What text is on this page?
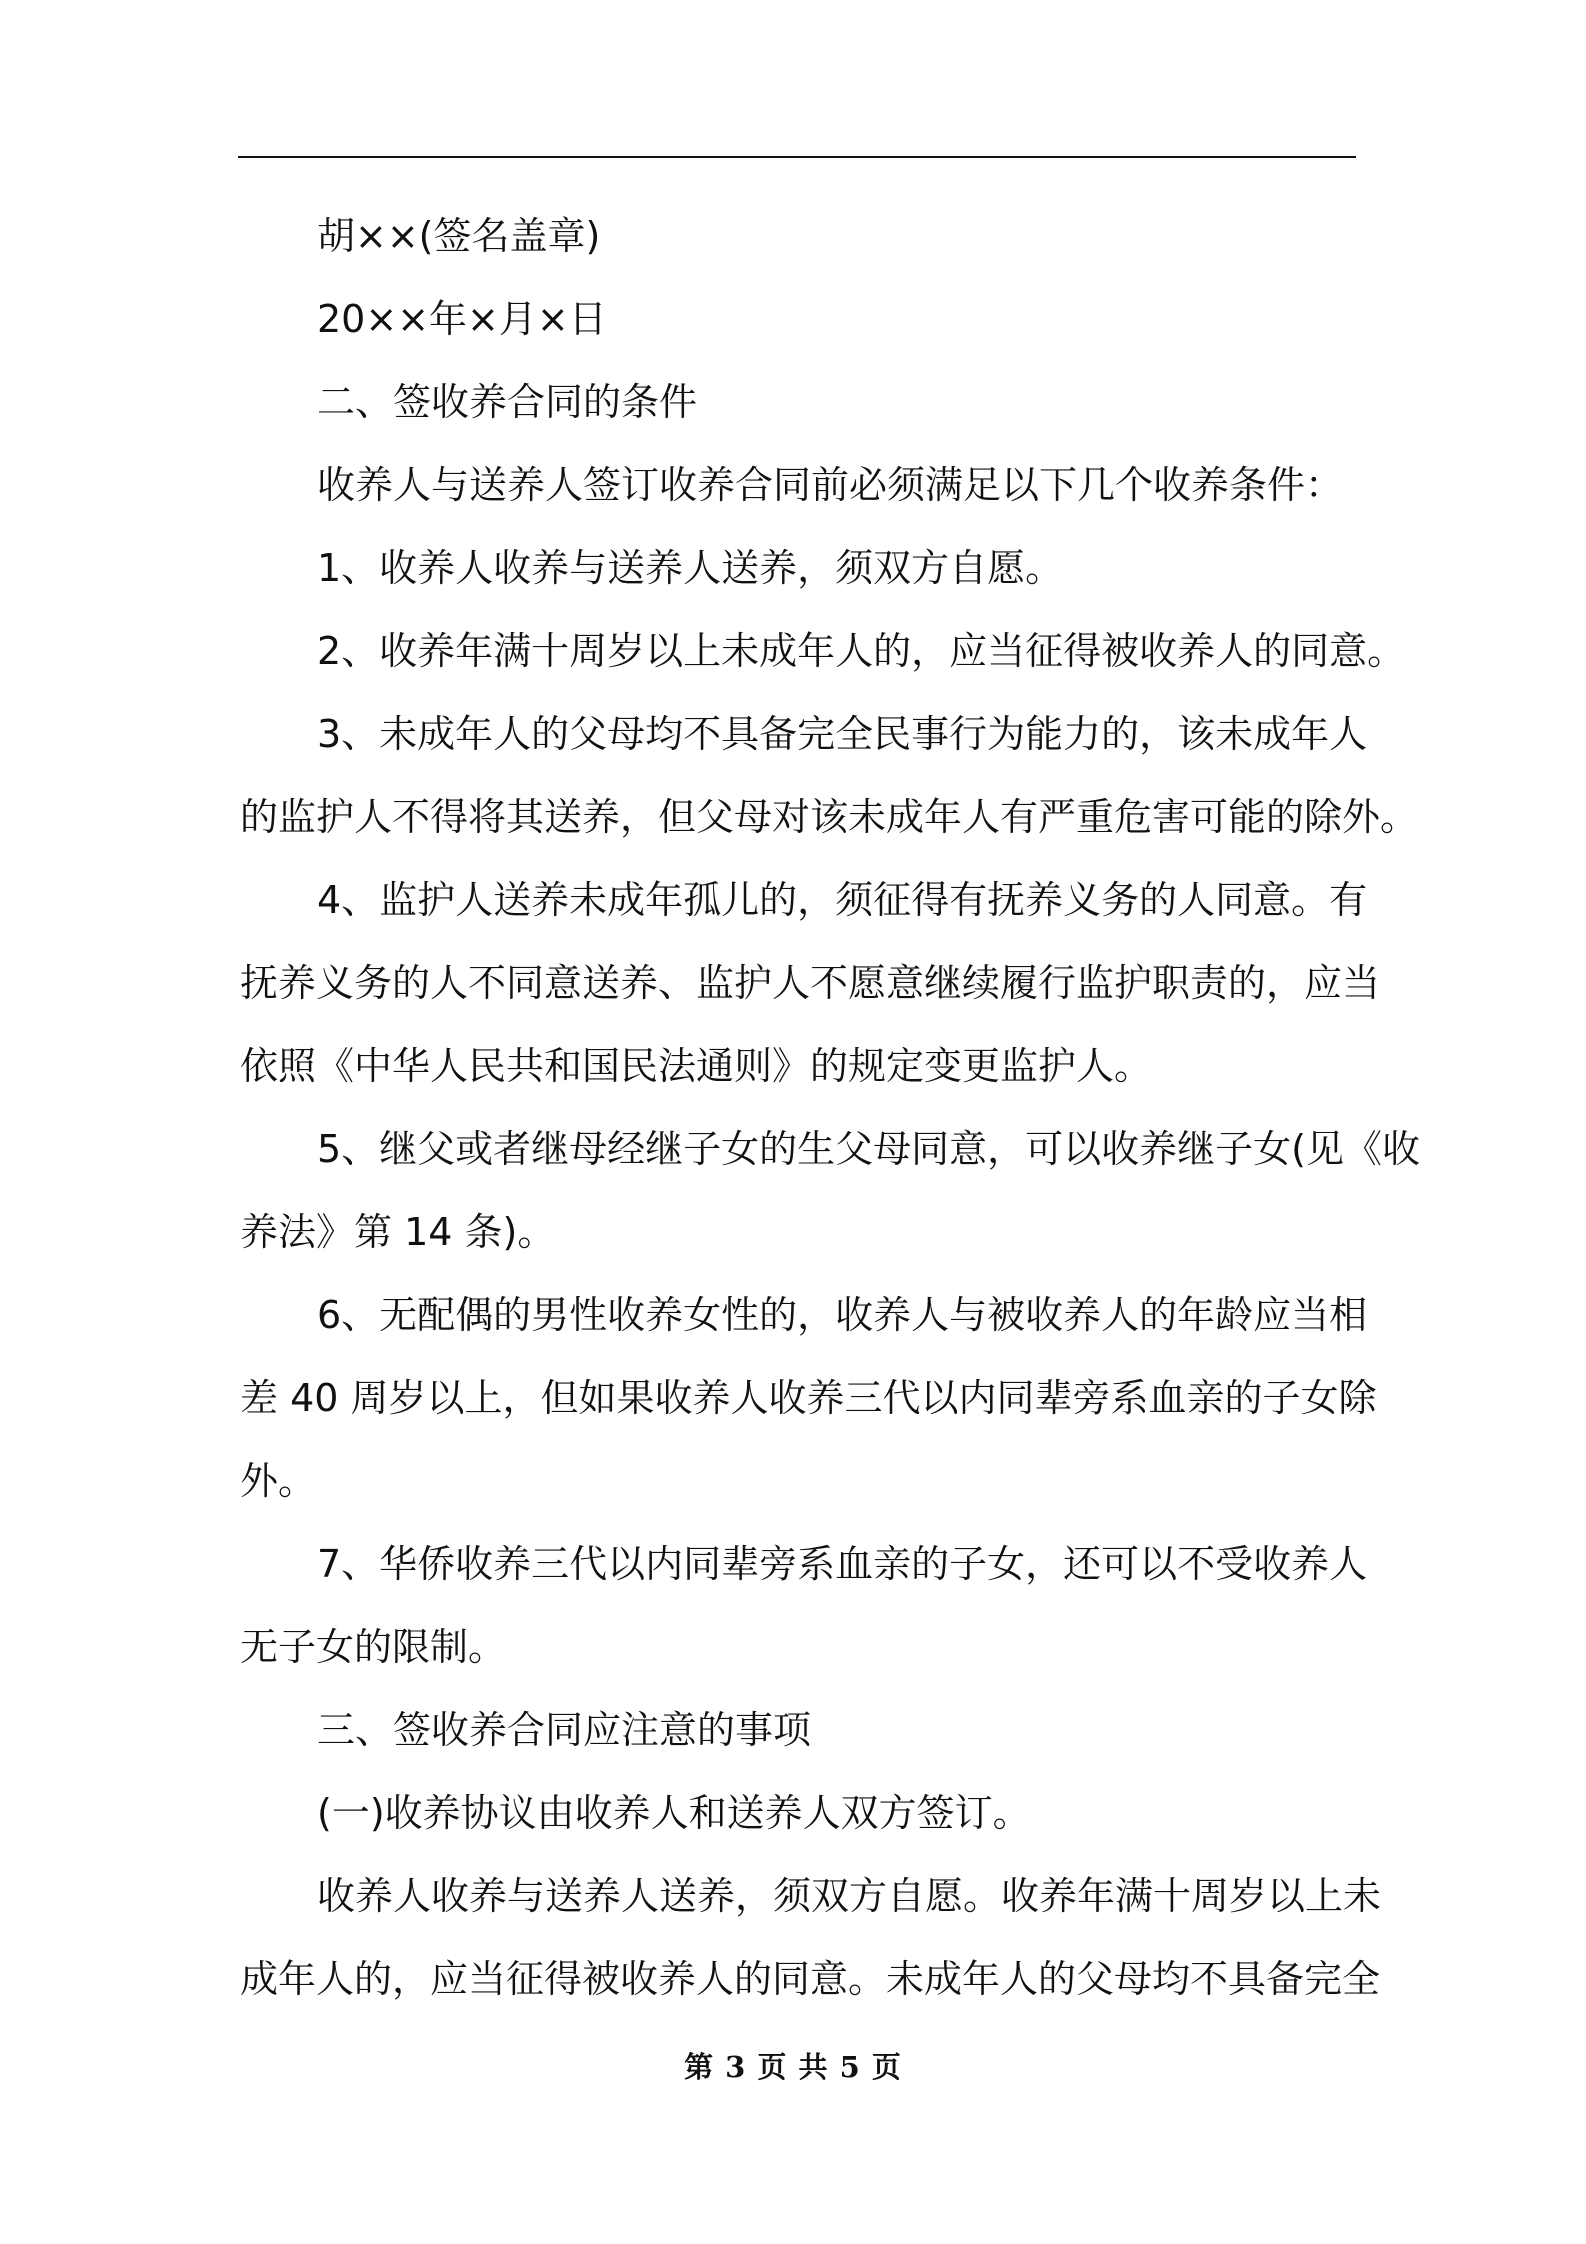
胡××(签名盖章)
20××年×月×日
二、签收养合同的条件
收养人与送养人签订收养合同前必须满足以下几个收养条件：
1、收养人收养与送养人送养，须双方自愿。
2、收养年满十周岁以上未成年人的，应当征得被收养人的同意。
3、未成年人的父母均不具备完全民事行为能力的，该未成年人
的监护人不得将其送养，但父母对该未成年人有严重危害可能的除外。
4、监护人送养未成年孤儿的，须征得有抚养义务的人同意。有
抚养义务的人不同意送养、监护人不愿意继续履行监护职责的，应当
依照《中华人民共和国民法通则》的规定变更监护人。
5、继父或者继母经继子女的生父母同意，可以收养继子女(见《收
养法》第 14 条)。
6、无配偶的男性收养女性的，收养人与被收养人的年龄应当相
差 40 周岁以上，但如果收养人收养三代以内同辈旁系血亲的子女除
外。
7、华侨收养三代以内同辈旁系血亲的子女，还可以不受收养人
无子女的限制。
三、签收养合同应注意的事项
(一)收养协议由收养人和送养人双方签订。
收养人收养与送养人送养，须双方自愿。收养年满十周岁以上未
成年人的，应当征得被收养人的同意。未成年人的父母均不具备完全
第 3 页 共 5 页
